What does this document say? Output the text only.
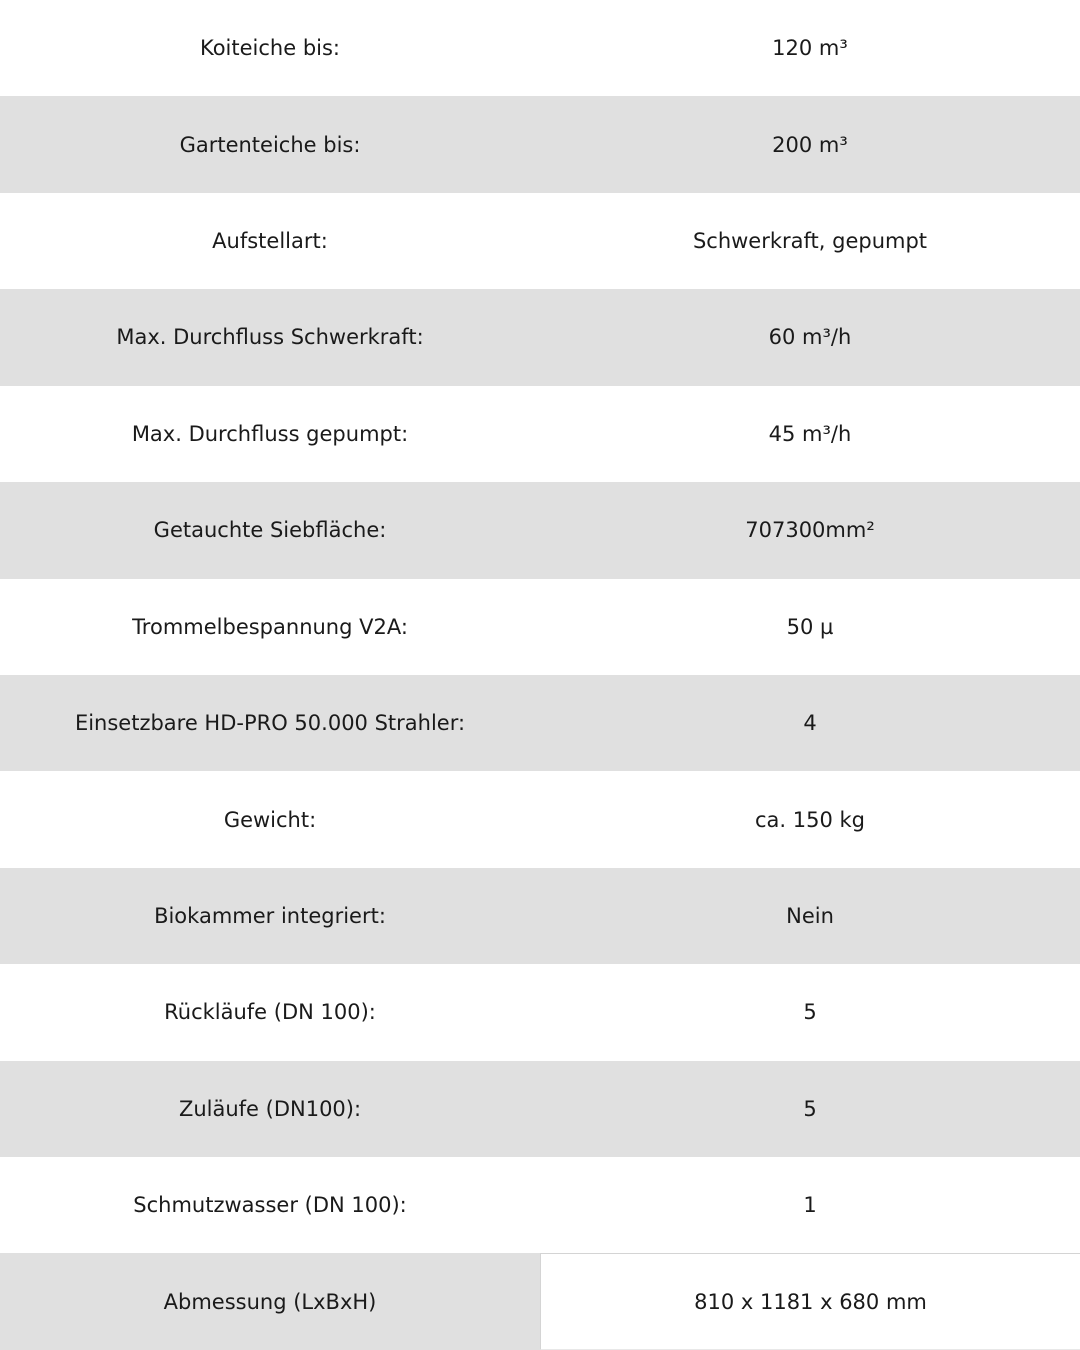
Koiteiche bis:	120 m³
Gartenteiche bis:	200 m³
Aufstellart:	Schwerkraft, gepumpt
Max. Durchfluss Schwerkraft:	60 m³/h
Max. Durchfluss gepumpt:	45 m³/h
Getauchte Siebfläche:	707300mm²
Trommelbespannung V2A:	50 µ
Einsetzbare HD-PRO 50.000 Strahler:	4
Gewicht:	ca. 150 kg
Biokammer integriert:	Nein
Rückläufe (DN 100):	5
Zuläufe (DN100):	5
Schmutzwasser (DN 100):	1
Abmessung (LxBxH)	810 x 1181 x 680 mm
